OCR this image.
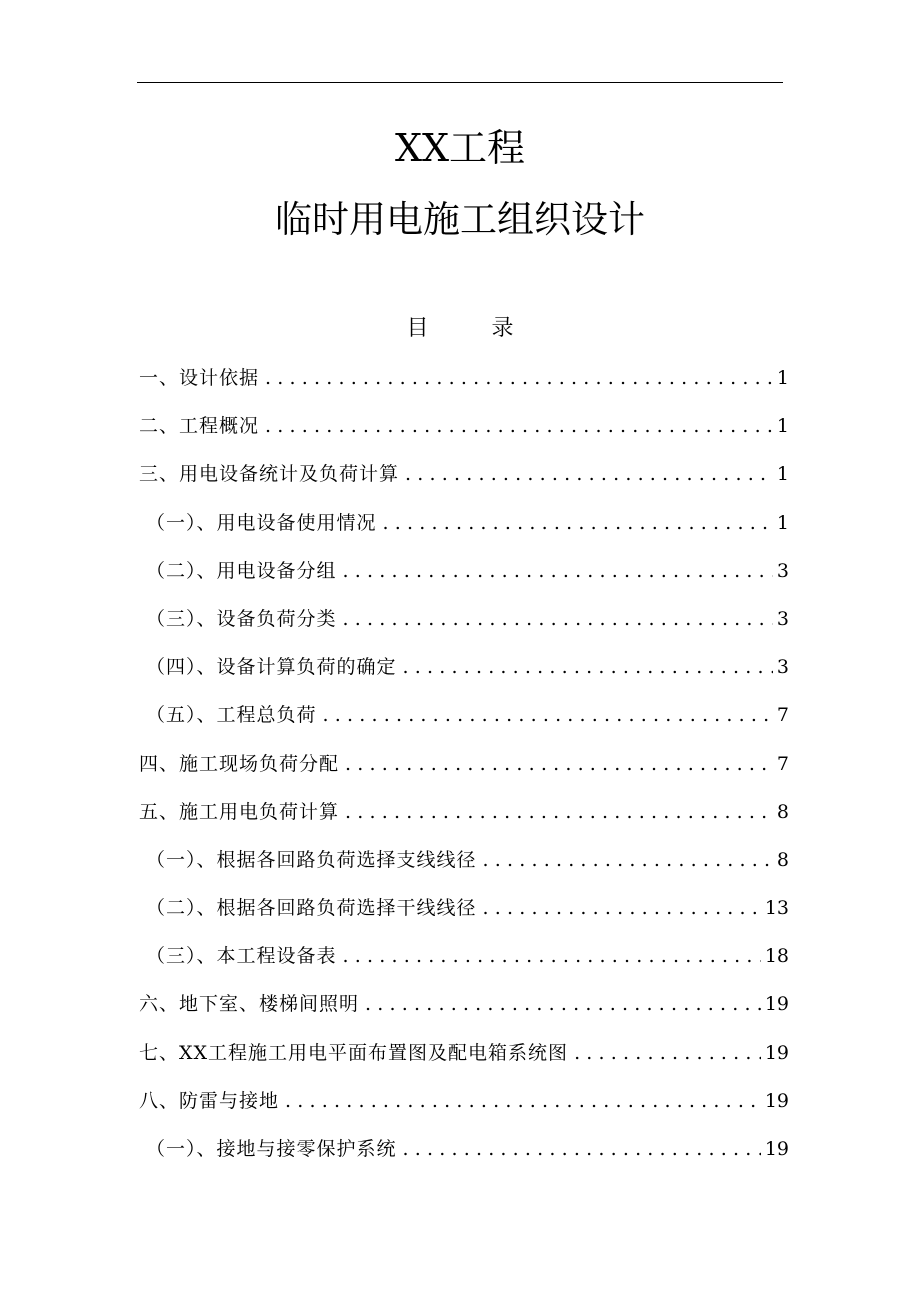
XX工程
临时用电施工组织设计
目 录
一、设计依据 .....	1
二、工程概况 .....	1
三、用电设备统计及负荷计算 .....	1
（一）、用电设备使用情况 .....	1
（二）、用电设备分组 .....	3
（三）、设备负荷分类 .....	3
（四）、设备计算负荷的确定 .....	3
（五）、工程总负荷 .....	7
四、施工现场负荷分配 .....	7
五、施工用电负荷计算 .....	8
（一）、根据各回路负荷选择支线线径 .....	8
（二）、根据各回路负荷选择干线线径 .....	13
（三）、本工程设备表 .....	18
六、地下室、楼梯间照明 .....	19
七、XX工程施工用电平面布置图及配电箱系统图 .....	19
八、防雷与接地 .....	19
（一）、接地与接零保护系统 .....	19
